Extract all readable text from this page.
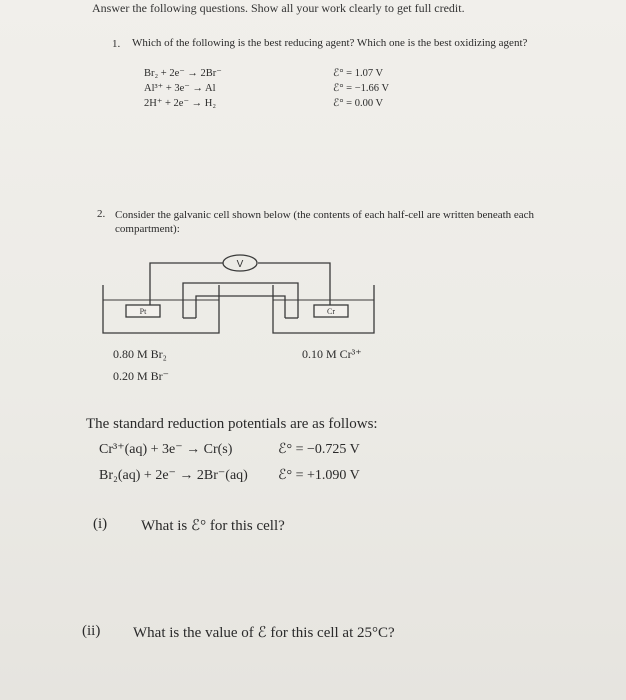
Answer the following questions. Show all your work clearly to get full credit.
1. Which of the following is the best reducing agent? Which one is the best oxidizing agent?
Br₂ + 2e⁻ → 2Br⁻	ℰ° = 1.07 V
Al³⁺ + 3e⁻ → Al	ℰ° = −1.66 V
2H⁺ + 2e⁻ → H₂	ℰ° = 0.00 V
2. Consider the galvanic cell shown below (the contents of each half-cell are written beneath each compartment):
V
Pt	Cr
0.80 M Br₂
0.20 M Br⁻
0.10 M Cr³⁺
The standard reduction potentials are as follows:
Cr³⁺(aq) + 3e⁻ → Cr(s)	ℰ° = −0.725 V
Br₂(aq) + 2e⁻ → 2Br⁻(aq) ℰ° = +1.090 V
(i) What is ℰ° for this cell?
(ii) What is the value of ℰ for this cell at 25°C?
